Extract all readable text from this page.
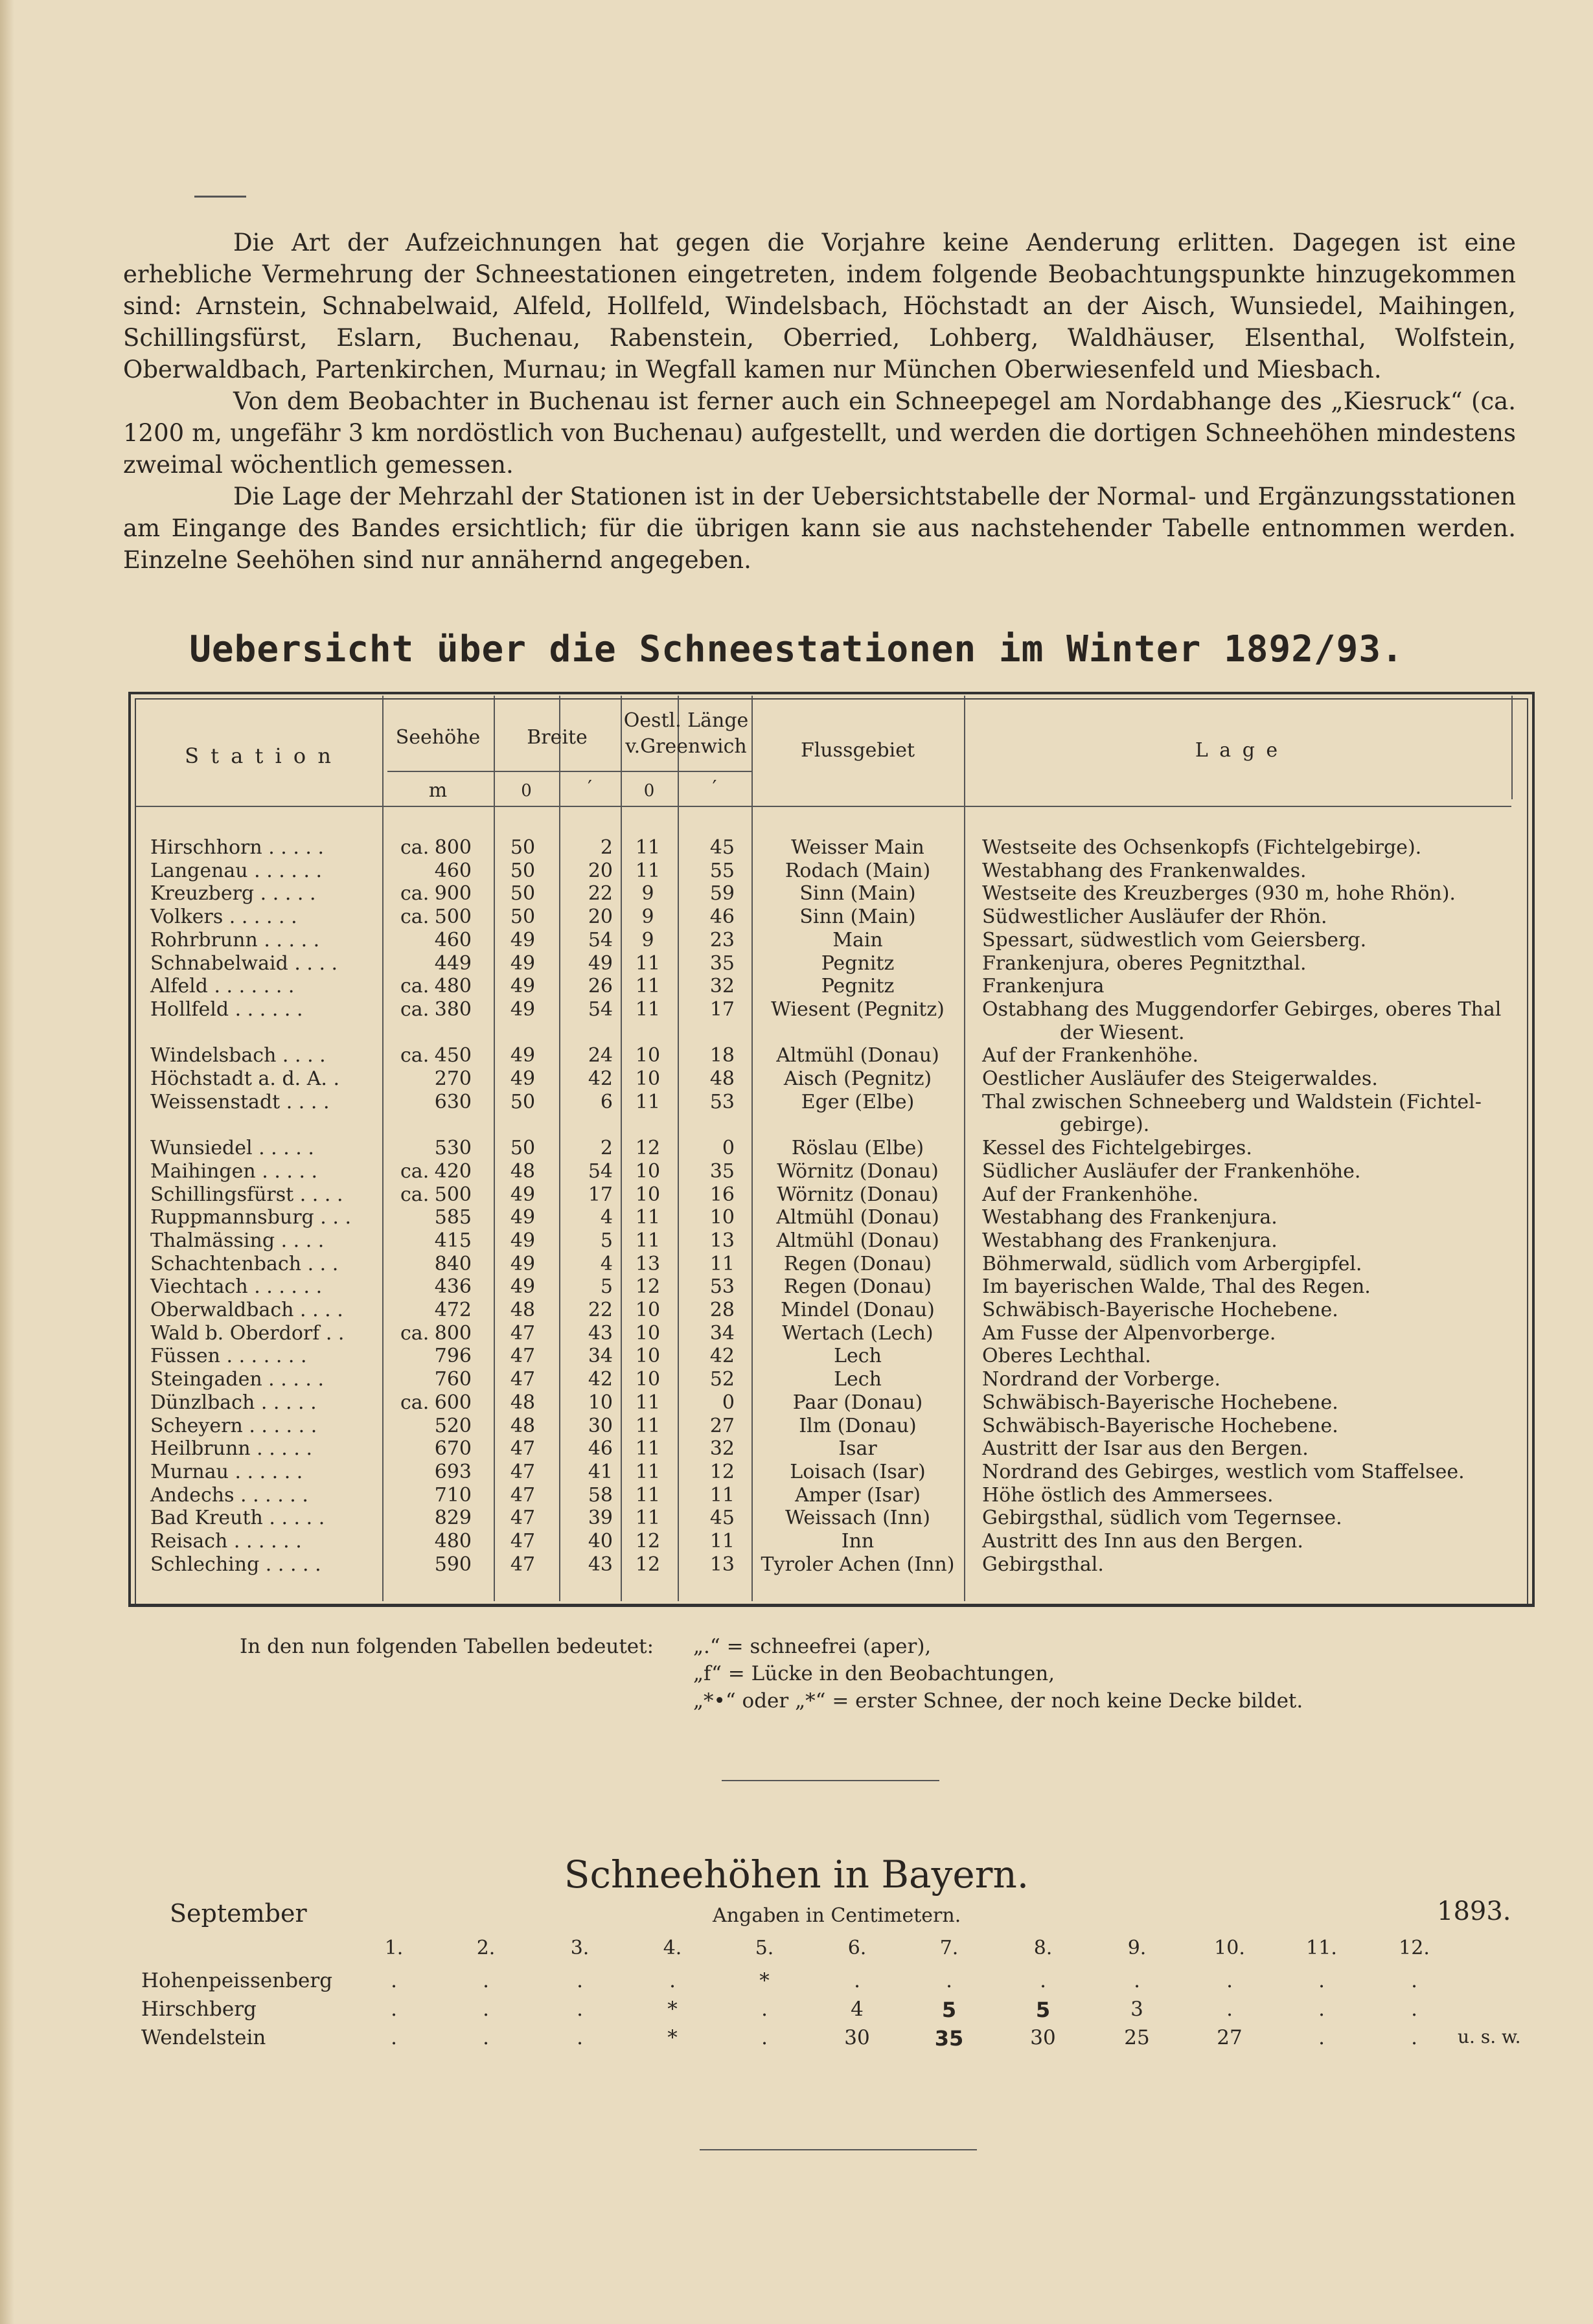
Die Art der Aufzeichnungen hat gegen die Vorjahre keine Aenderung erlitten. Dagegen ist eine erhebliche Vermehrung der Schneestationen eingetreten, indem folgende Beobachtungspunkte hinzugekommen sind: Arnstein, Schnabelwaid, Alfeld, Hollfeld, Windelsbach, Höchstadt an der Aisch, Wunsiedel, Maihingen, Schillingsfürst, Eslarn, Buchenau, Rabenstein, Oberried, Lohberg, Waldhäuser, Elsenthal, Wolfstein, Oberwaldbach, Partenkirchen, Murnau; in Wegfall kamen nur München Oberwiesenfeld und Miesbach.

Von dem Beobachter in Buchenau ist ferner auch ein Schneepegel am Nordabhange des „Kiesruck“ (ca. 1200 m, ungefähr 3 km nordöstlich von Buchenau) aufgestellt, und werden die dortigen Schneehöhen mindestens zweimal wöchentlich gemessen.

Die Lage der Mehrzahl der Stationen ist in der Uebersichtstabelle der Normal- und Ergänzungsstationen am Eingange des Bandes ersichtlich; für die übrigen kann sie aus nachstehender Tabelle entnommen werden. Einzelne Seehöhen sind nur annähernd angegeben.

Uebersicht über die Schneestationen im Winter 1892/93.
S t a t i o n
Seehöhe
m
Breite
0	′
Oestl. Länge
v.Greenwich
0	′
Flussgebiet	L a g e
Hirschhorn . . . . .	ca. 800	50	2	11	45	Weisser Main	Westseite des Ochsenkopfs (Fichtelgebirge).
Langenau . . . . . .	460	50	20	11	55	Rodach (Main)	Westabhang des Frankenwaldes.
Kreuzberg . . . . .	ca. 900	50	22	9	59	Sinn (Main)	Westseite des Kreuzberges (930 m, hohe Rhön).
Volkers . . . . . .	ca. 500	50	20	9	46	Sinn (Main)	Südwestlicher Ausläufer der Rhön.
Rohrbrunn . . . . .	460	49	54	9	23	Main	Spessart, südwestlich vom Geiersberg.
Schnabelwaid . . . .	449	49	49	11	35	Pegnitz	Frankenjura, oberes Pegnitzthal.
Alfeld . . . . . . .	ca. 480	49	26	11	32	Pegnitz	Frankenjura
Hollfeld . . . . . .	ca. 380	49	54	11	17	Wiesent (Pegnitz)	Ostabhang des Muggendorfer Gebirges, oberes Thal
der Wiesent.
Windelsbach . . . .	ca. 450	49	24	10	18	Altmühl (Donau)	Auf der Frankenhöhe.
Höchstadt a. d. A. .	270	49	42	10	48	Aisch (Pegnitz)	Oestlicher Ausläufer des Steigerwaldes.
Weissenstadt . . . .	630	50	6	11	53	Eger (Elbe)	Thal zwischen Schneeberg und Waldstein (Fichtel-
gebirge).
Wunsiedel . . . . .	530	50	2	12	0	Röslau (Elbe)	Kessel des Fichtelgebirges.
Maihingen . . . . .	ca. 420	48	54	10	35	Wörnitz (Donau)	Südlicher Ausläufer der Frankenhöhe.
Schillingsfürst . . . .	ca. 500	49	17	10	16	Wörnitz (Donau)	Auf der Frankenhöhe.
Ruppmannsburg . . .	585	49	4	11	10	Altmühl (Donau)	Westabhang des Frankenjura.
Thalmässing . . . .	415	49	5	11	13	Altmühl (Donau)	Westabhang des Frankenjura.
Schachtenbach . . .	840	49	4	13	11	Regen (Donau)	Böhmerwald, südlich vom Arbergipfel.
Viechtach . . . . . .	436	49	5	12	53	Regen (Donau)	Im bayerischen Walde, Thal des Regen.
Oberwaldbach . . . .	472	48	22	10	28	Mindel (Donau)	Schwäbisch-Bayerische Hochebene.
Wald b. Oberdorf . .	ca. 800	47	43	10	34	Wertach (Lech)	Am Fusse der Alpenvorberge.
Füssen . . . . . . .	796	47	34	10	42	Lech	Oberes Lechthal.
Steingaden . . . . .	760	47	42	10	52	Lech	Nordrand der Vorberge.
Dünzlbach . . . . .	ca. 600	48	10	11	0	Paar (Donau)	Schwäbisch-Bayerische Hochebene.
Scheyern . . . . . .	520	48	30	11	27	Ilm (Donau)	Schwäbisch-Bayerische Hochebene.
Heilbrunn . . . . .	670	47	46	11	32	Isar	Austritt der Isar aus den Bergen.
Murnau . . . . . .	693	47	41	11	12	Loisach (Isar)	Nordrand des Gebirges, westlich vom Staffelsee.
Andechs . . . . . .	710	47	58	11	11	Amper (Isar)	Höhe östlich des Ammersees.
Bad Kreuth . . . . .	829	47	39	11	45	Weissach (Inn)	Gebirgsthal, südlich vom Tegernsee.
Reisach . . . . . .	480	47	40	12	11	Inn	Austritt des Inn aus den Bergen.
Schleching . . . . .	590	47	43	12	13	Tyroler Achen (Inn)	Gebirgsthal.
In den nun folgenden Tabellen bedeutet: „.“ = schneefrei (aper),
„f“ = Lücke in den Beobachtungen,
„*•“ oder „*“ = erster Schnee, der noch keine Decke bildet.
Schneehöhen in Bayern.
September	Angaben in Centimetern.	1893.
1.	2.	3.	4.	5.	6.	7.	8.	9.	10.	11.	12.
Hohenpeissenberg	.	.	.	.	*	.	.	.	.	.	.	.
Hirschberg	.	.	.	*	.	4	5	5	3	.	.	.
Wendelstein	.	.	.	*	.	30	35	30	25	27	.	.	u. s. w.
